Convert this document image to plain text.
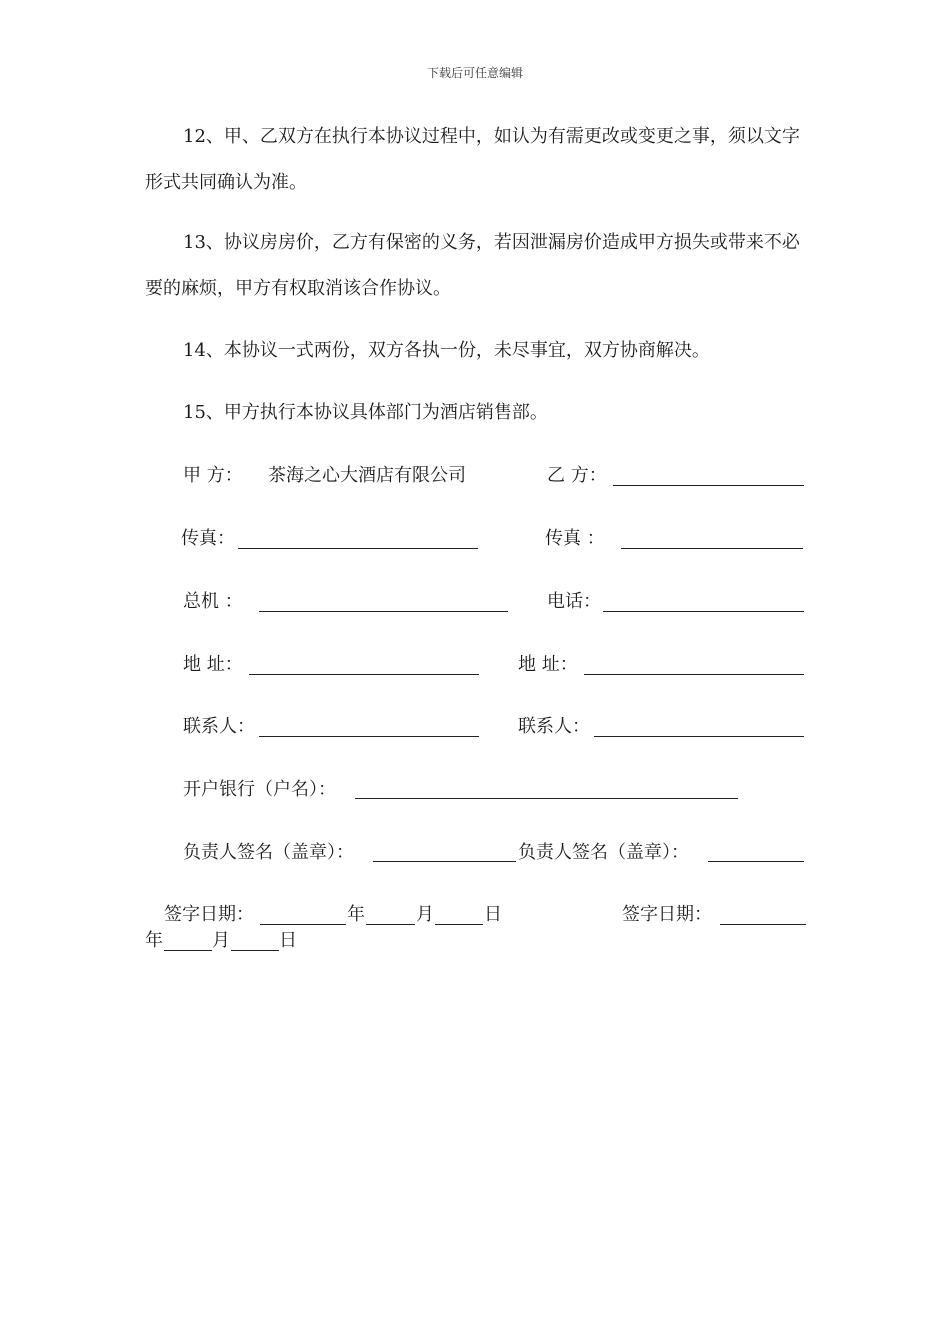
下载后可任意编辑

12、甲、乙双方在执行本协议过程中，如认为有需更改或变更之事，须以文字形式共同确认为准。

13、协议房房价，乙方有保密的义务，若因泄漏房价造成甲方损失或带来不必要的麻烦，甲方有权取消该合作协议。

14、本协议一式两份，双方各执一份，未尽事宜，双方协商解决。

15、甲方执行本协议具体部门为酒店销售部。

甲 方： 茶海之心大酒店有限公司	乙 方：
传真：	传真 ：
总机 ：	电话：
地 址：	地 址：
联系人：	联系人：
开户银行（户名）：
负责人签名（盖章）：	负责人签名（盖章）：
签字日期：	年	月	日	签字日期：
年	月	日
